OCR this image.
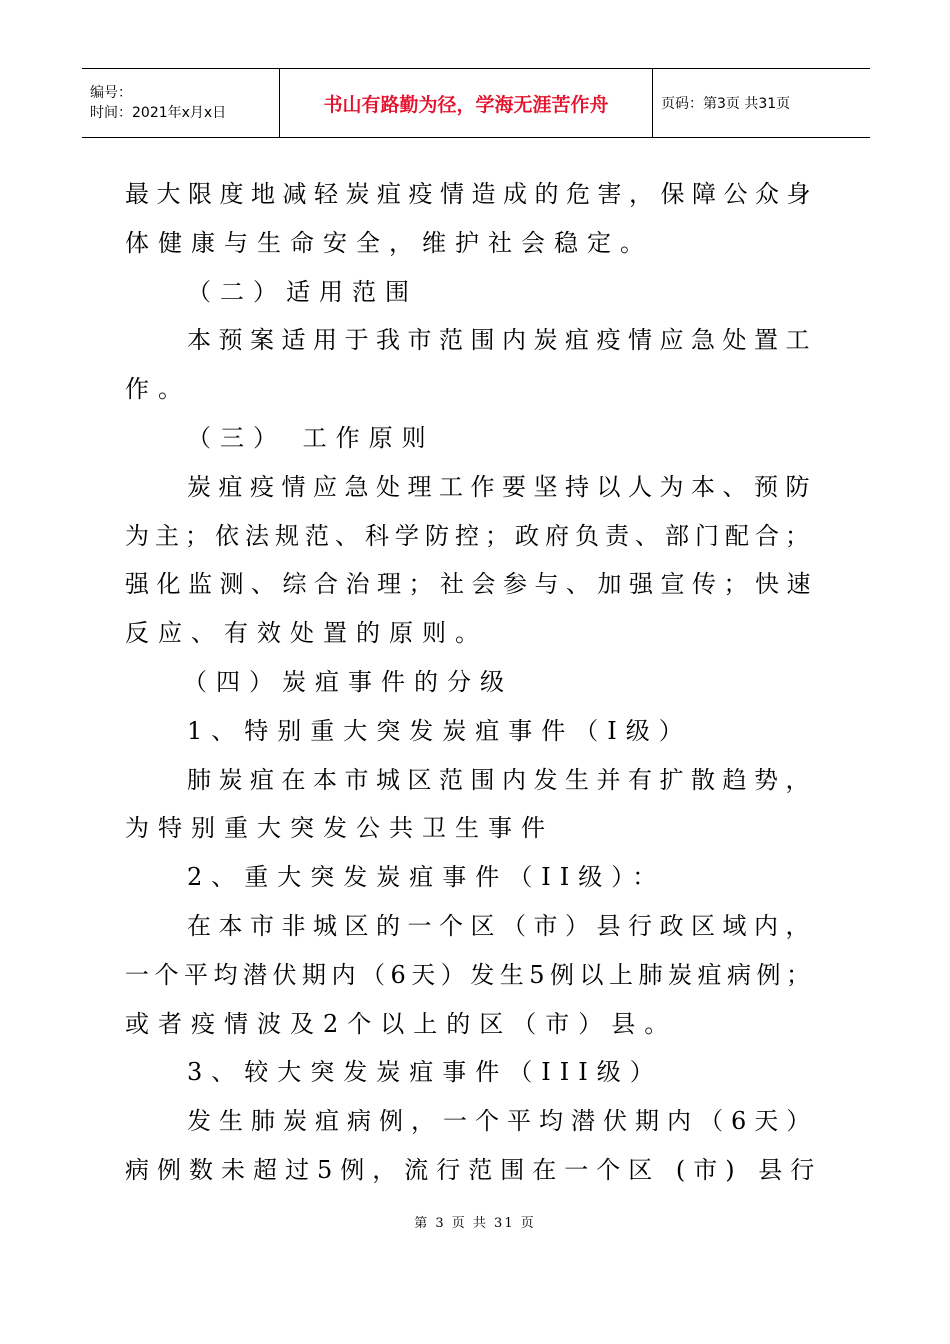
编号：
时间：2021年x月x日	书山有路勤为径，学海无涯苦作舟	页码：第3页 共31页
最大限度地减轻炭疽疫情造成的危害，保障公众身
体健康与生命安全，维护社会稳定。
（二）适用范围
本预案适用于我市范围内炭疽疫情应急处置工
作。
（三） 工作原则
炭疽疫情应急处理工作要坚持以人为本、预防
为主；依法规范、科学防控；政府负责、部门配合；
强化监测、综合治理；社会参与、加强宣传；快速
反应、有效处置的原则。
（四）炭疽事件的分级
1、特别重大突发炭疽事件（I级）
肺炭疽在本市城区范围内发生并有扩散趋势，
为特别重大突发公共卫生事件
2、重大突发炭疽事件（II级）：
在本市非城区的一个区（市）县行政区域内，
一个平均潜伏期内（6天）发生5例以上肺炭疽病例；
或者疫情波及2个以上的区（市）县。
3、较大突发炭疽事件（III级）
发生肺炭疽病例，一个平均潜伏期内（6天）
病例数未超过5例，流行范围在一个区 (市) 县行
第 3 页 共 31 页
